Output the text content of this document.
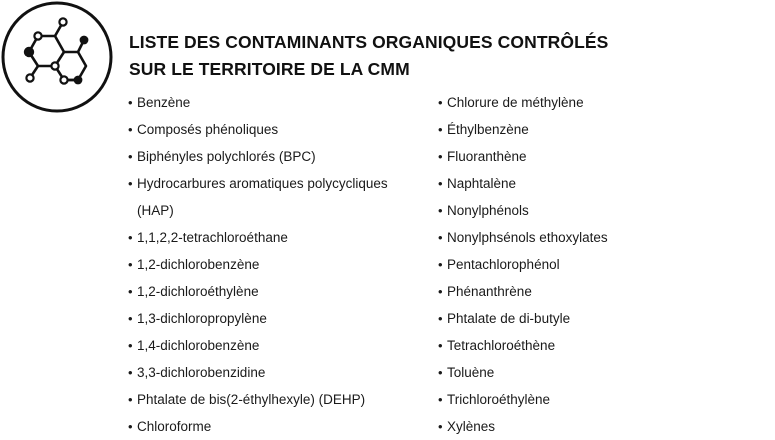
LISTE DES CONTAMINANTS ORGANIQUES CONTRÔLÉS
SUR LE TERRITOIRE DE LA CMM
• Benzène
• Composés phénoliques
• Biphényles polychlorés (BPC)
• Hydrocarbures aromatiques polycycliques
(HAP)
• 1,1,2,2-tetrachloroéthane
• 1,2-dichlorobenzène
• 1,2-dichloroéthylène
• 1,3-dichloropropylène
• 1,4-dichlorobenzène
• 3,3-dichlorobenzidine
• Phtalate de bis(2-éthylhexyle) (DEHP)
• Chloroforme
• Chlorure de méthylène
• Éthylbenzène
• Fluoranthène
• Naphtalène
• Nonylphénols
• Nonylphsénols ethoxylates
• Pentachlorophénol
• Phénanthrène
• Phtalate de di-butyle
• Tetrachloroéthène
• Toluène
• Trichloroéthylène
• Xylènes
